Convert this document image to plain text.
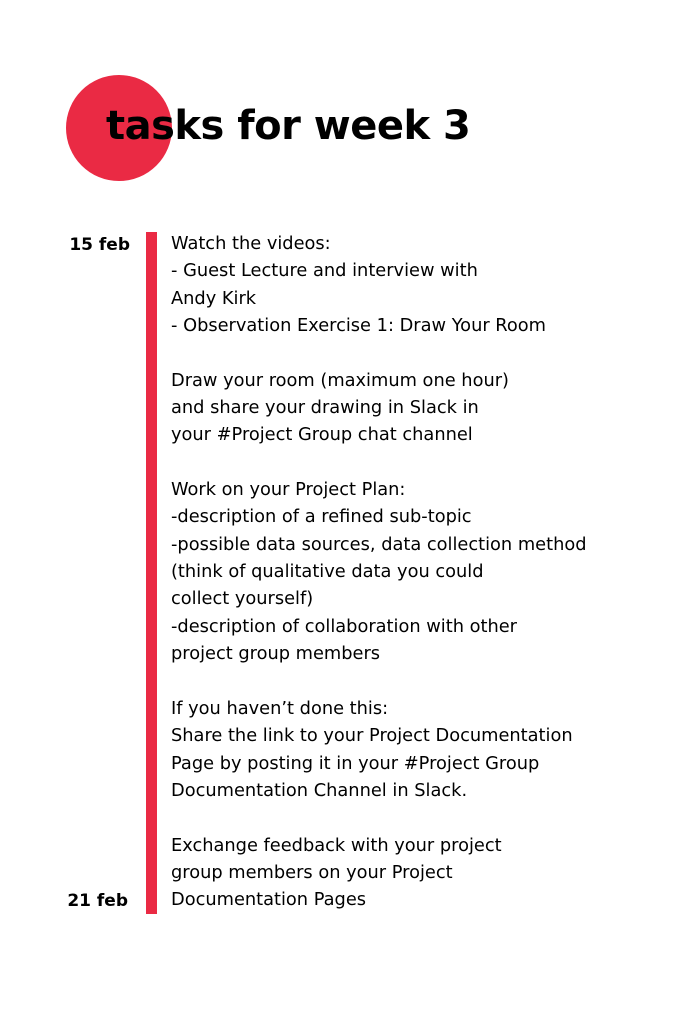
tasks for week 3
15 feb
21 feb
Watch the videos:
- Guest Lecture and interview with
Andy Kirk
- Observation Exercise 1: Draw Your Room
Draw your room (maximum one hour)
and share your drawing in Slack in
your #Project Group chat channel
Work on your Project Plan:
-description of a refined sub-topic
-possible data sources, data collection method
(think of qualitative data you could
collect yourself)
-description of collaboration with other
project group members
If you haven’t done this:
Share the link to your Project Documentation
Page by posting it in your #Project Group
Documentation Channel in Slack.
Exchange feedback with your project
group members on your Project
Documentation Pages
